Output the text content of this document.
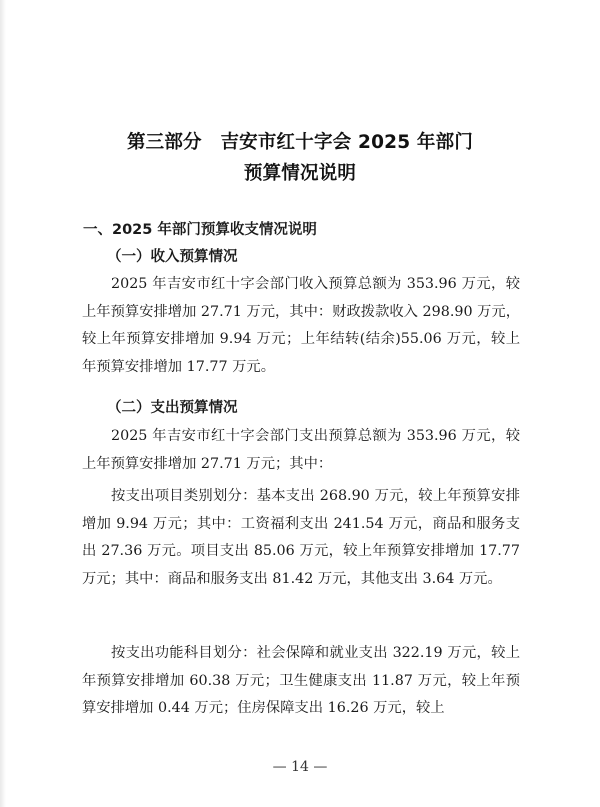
第三部分　吉安市红十字会 2025 年部门
预算情况说明
一、2025 年部门预算收支情况说明
（一）收入预算情况
2025 年吉安市红十字会部门收入预算总额为 353.96 万元，较上年预算安排增加 27.71 万元，其中：财政拨款收入 298.90 万元，较上年预算安排增加 9.94 万元；上年结转(结余)55.06 万元，较上年预算安排增加 17.77 万元。
（二）支出预算情况
2025 年吉安市红十字会部门支出预算总额为 353.96 万元，较上年预算安排增加 27.71 万元；其中：
按支出项目类别划分：基本支出 268.90 万元，较上年预算安排增加 9.94 万元；其中：工资福利支出 241.54 万元，商品和服务支出 27.36 万元。项目支出 85.06 万元，较上年预算安排增加 17.77 万元；其中：商品和服务支出 81.42 万元，其他支出 3.64 万元。
按支出功能科目划分：社会保障和就业支出 322.19 万元，较上年预算安排增加 60.38 万元；卫生健康支出 11.87 万元，较上年预算安排增加 0.44 万元；住房保障支出 16.26 万元，较上
— 14 —
